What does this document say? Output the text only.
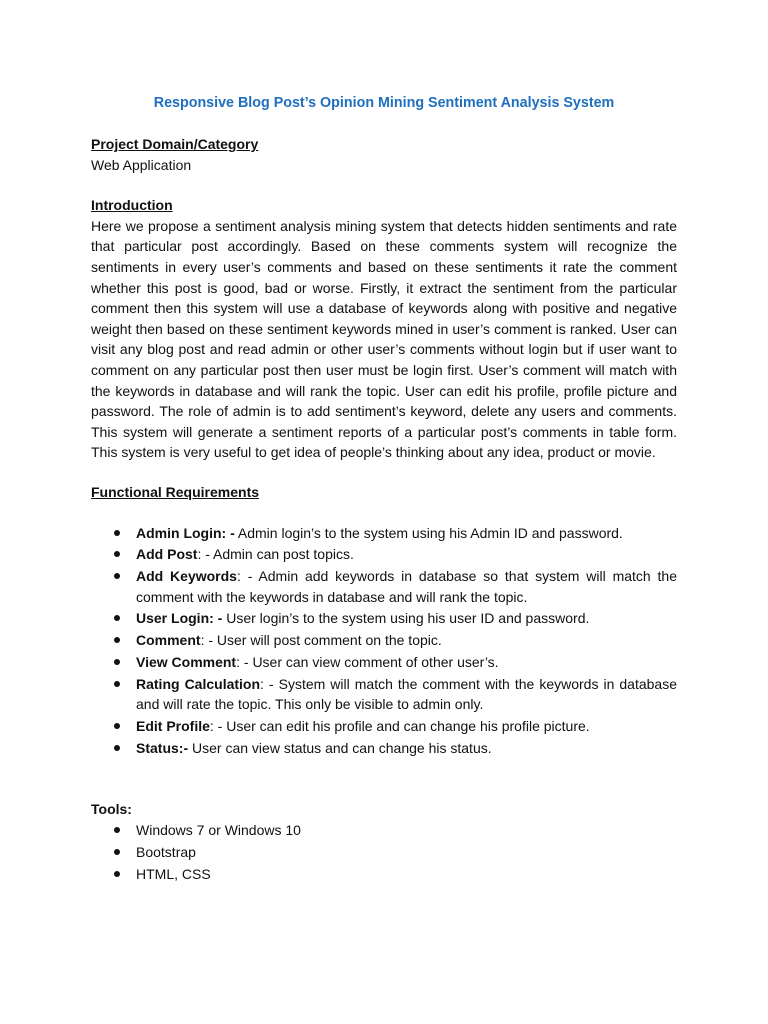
Responsive Blog Post’s Opinion Mining Sentiment Analysis System
Project Domain/Category
Web Application
Introduction
Here we propose a sentiment analysis mining system that detects hidden sentiments and rate that particular post accordingly. Based on these comments system will recognize the sentiments in every user’s comments and based on these sentiments it rate the comment whether this post is good, bad or worse. Firstly, it extract the sentiment from the particular comment then this system will use a database of keywords along with positive and negative weight then based on these sentiment keywords mined in user’s comment is ranked. User can visit any blog post and read admin or other user’s comments without login but if user want to comment on any particular post then user must be login first. User’s comment will match with the keywords in database and will rank the topic. User can edit his profile, profile picture and password. The role of admin is to add sentiment’s keyword, delete any users and comments. This system will generate a sentiment reports of a particular post’s comments in table form. This system is very useful to get idea of people’s thinking about any idea, product or movie.
Functional Requirements
Admin Login: - Admin login’s to the system using his Admin ID and password.
Add Post: - Admin can post topics.
Add Keywords: - Admin add keywords in database so that system will match the comment with the keywords in database and will rank the topic.
User Login: - User login’s to the system using his user ID and password.
Comment: - User will post comment on the topic.
View Comment: - User can view comment of other user’s.
Rating Calculation: - System will match the comment with the keywords in database and will rate the topic. This only be visible to admin only.
Edit Profile: - User can edit his profile and can change his profile picture.
Status:- User can view status and can change his status.
Tools:
Windows 7 or Windows 10
Bootstrap
HTML, CSS
